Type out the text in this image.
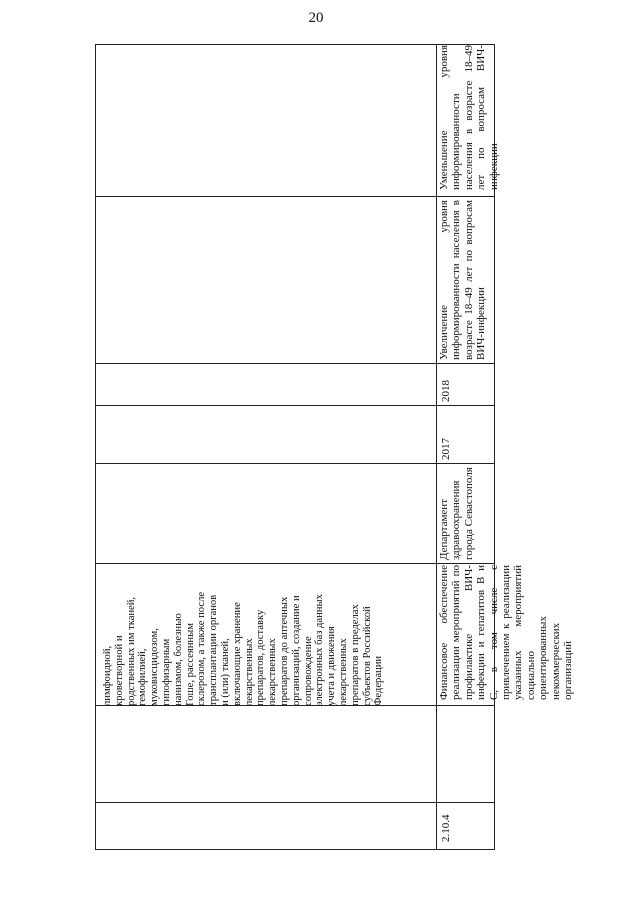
20
лимфоидной, кроветворной и родственных им тканей, гемофилией, муковисцидозом, гипофизарным нанизмом, болезнью Гоше, рассеянным склерозом, а также после трансплантации органов и (или) тканей, включающие хранение лекарственных препаратов, доставку лекарственных препаратов до аптечных организаций, создание и сопровождение электронных баз данных учета и движения лекарственных препаратов в пределах субъектов Российской Федерации
Уменьшение уровня информированности населения в возрасте 18–49 лет по вопросам ВИЧ-инфекции
2.10.4
Финансовое обеспечение реализации мероприятий по профилактике ВИЧ-инфекции и гепатитов В и С, в том числе с привлечением к реализации указанных мероприятий социально ориентированных некоммерческих организаций
Департамент здравоохранения города Севастополя
2017
2018
Увеличение уровня информированности населения в возрасте 18–49 лет по вопросам ВИЧ-инфекции
